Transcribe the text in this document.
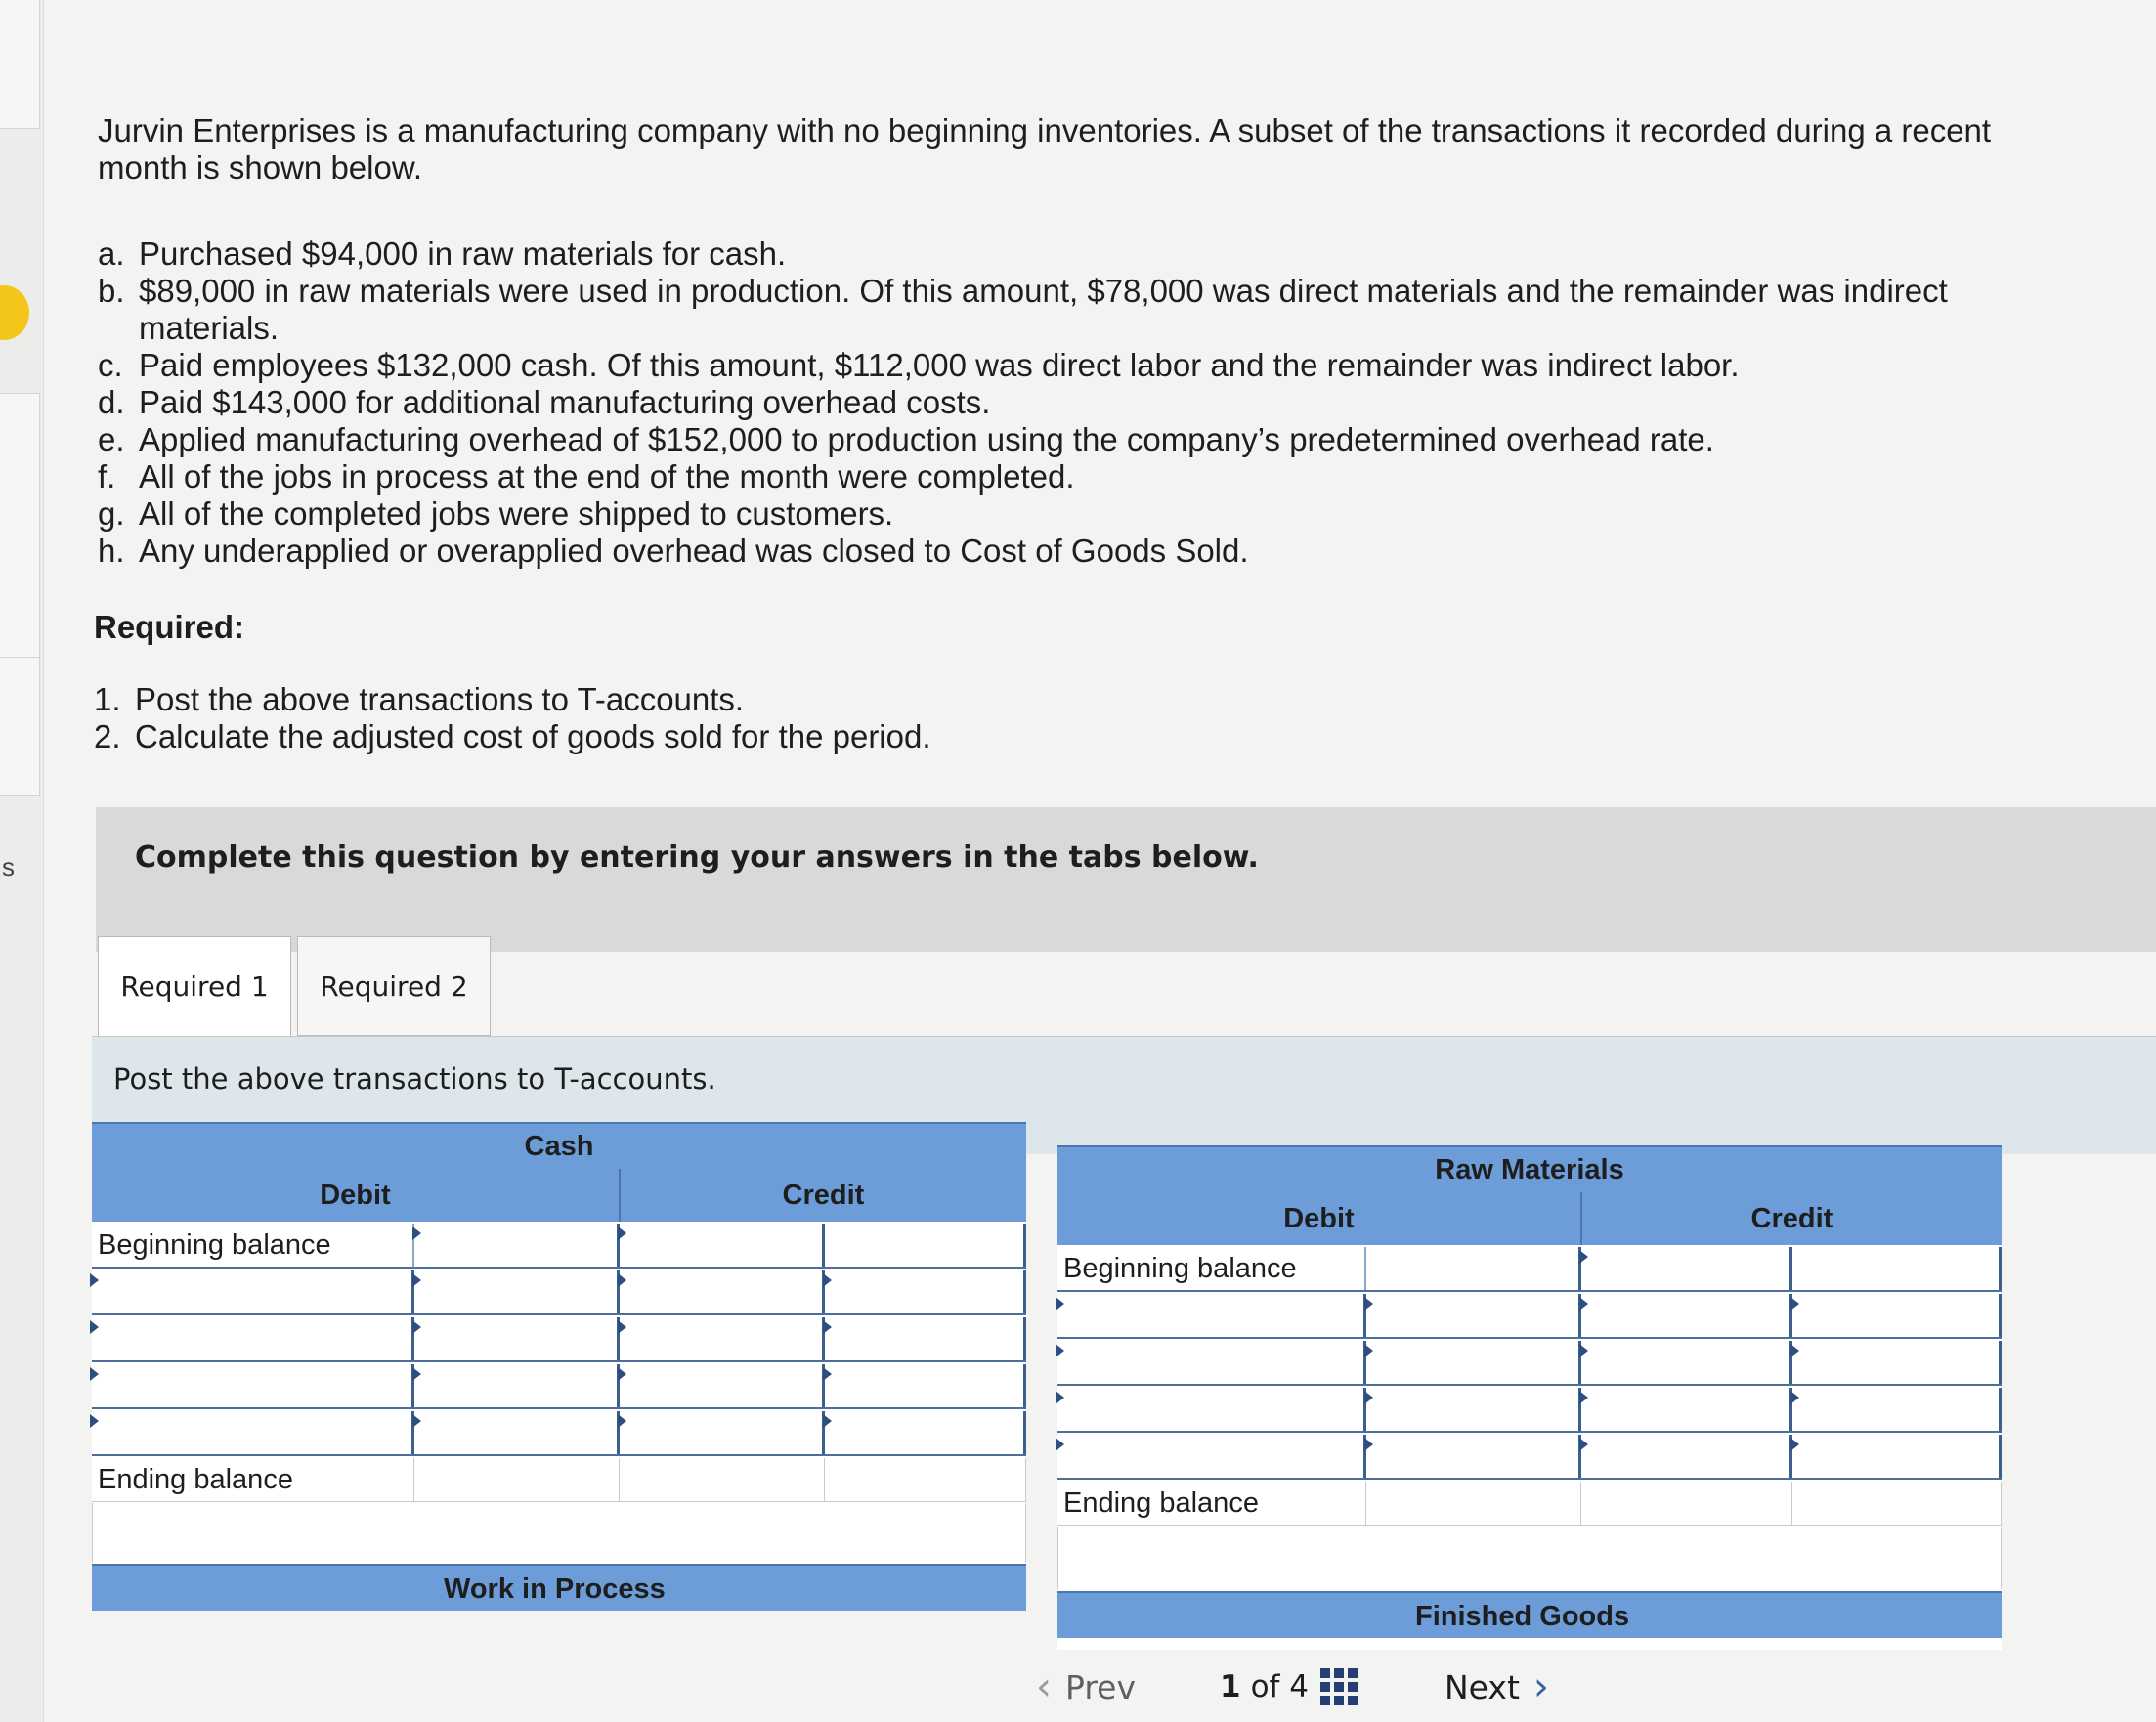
s
Jurvin Enterprises is a manufacturing company with no beginning inventories. A subset of the transactions it recorded during a recent month is shown below.
a. Purchased $94,000 in raw materials for cash.
b. $89,000 in raw materials were used in production. Of this amount, $78,000 was direct materials and the remainder was indirect materials.
c. Paid employees $132,000 cash. Of this amount, $112,000 was direct labor and the remainder was indirect labor.
d. Paid $143,000 for additional manufacturing overhead costs.
e. Applied manufacturing overhead of $152,000 to production using the company’s predetermined overhead rate.
f. All of the jobs in process at the end of the month were completed.
g. All of the completed jobs were shipped to customers.
h. Any underapplied or overapplied overhead was closed to Cost of Goods Sold.
Required:
1. Post the above transactions to T-accounts.
2. Calculate the adjusted cost of goods sold for the period.
Complete this question by entering your answers in the tabs below.
Required 1	Required 2
Post the above transactions to T-accounts.
Cash
Debit	Credit
Beginning balance
Ending balance
Work in Process
Raw Materials
Debit	Credit
Beginning balance
Ending balance
Finished Goods
‹ Prev	1 of 4	Next ›
